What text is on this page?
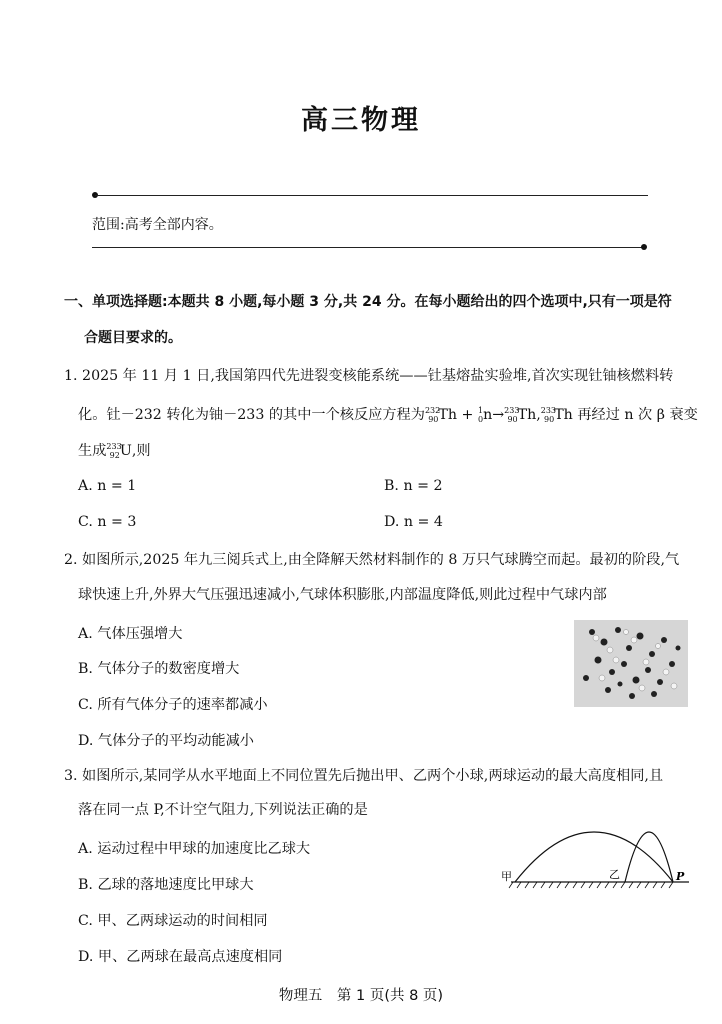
高三物理
范围:高考全部内容。
一、单项选择题:本题共 8 小题,每小题 3 分,共 24 分。在每小题给出的四个选项中,只有一项是符
合题目要求的。
1. 2025 年 11 月 1 日,我国第四代先进裂变核能系统——钍基熔盐实验堆,首次实现钍铀核燃料转
化。钍－232 转化为铀－233 的其中一个核反应方程为$^{232}_{90}$Th + $^1_0$n→$^{233}_{90}$Th,$^{233}_{90}$Th 再经过 n 次 β 衰变
生成$^{233}_{92}$U,则
A. n = 1	B. n = 2
C. n = 3	D. n = 4
2. 如图所示,2025 年九三阅兵式上,由全降解天然材料制作的 8 万只气球腾空而起。最初的阶段,气
球快速上升,外界大气压强迅速减小,气球体积膨胀,内部温度降低,则此过程中气球内部
A. 气体压强增大
B. 气体分子的数密度增大
C. 所有气体分子的速率都减小
D. 气体分子的平均动能减小
3. 如图所示,某同学从水平地面上不同位置先后抛出甲、乙两个小球,两球运动的最大高度相同,且
落在同一点 P,不计空气阻力,下列说法正确的是
A. 运动过程中甲球的加速度比乙球大
B. 乙球的落地速度比甲球大
C. 甲、乙两球运动的时间相同
D. 甲、乙两球在最高点速度相同
甲	乙	P
物理五　第 1 页(共 8 页)
